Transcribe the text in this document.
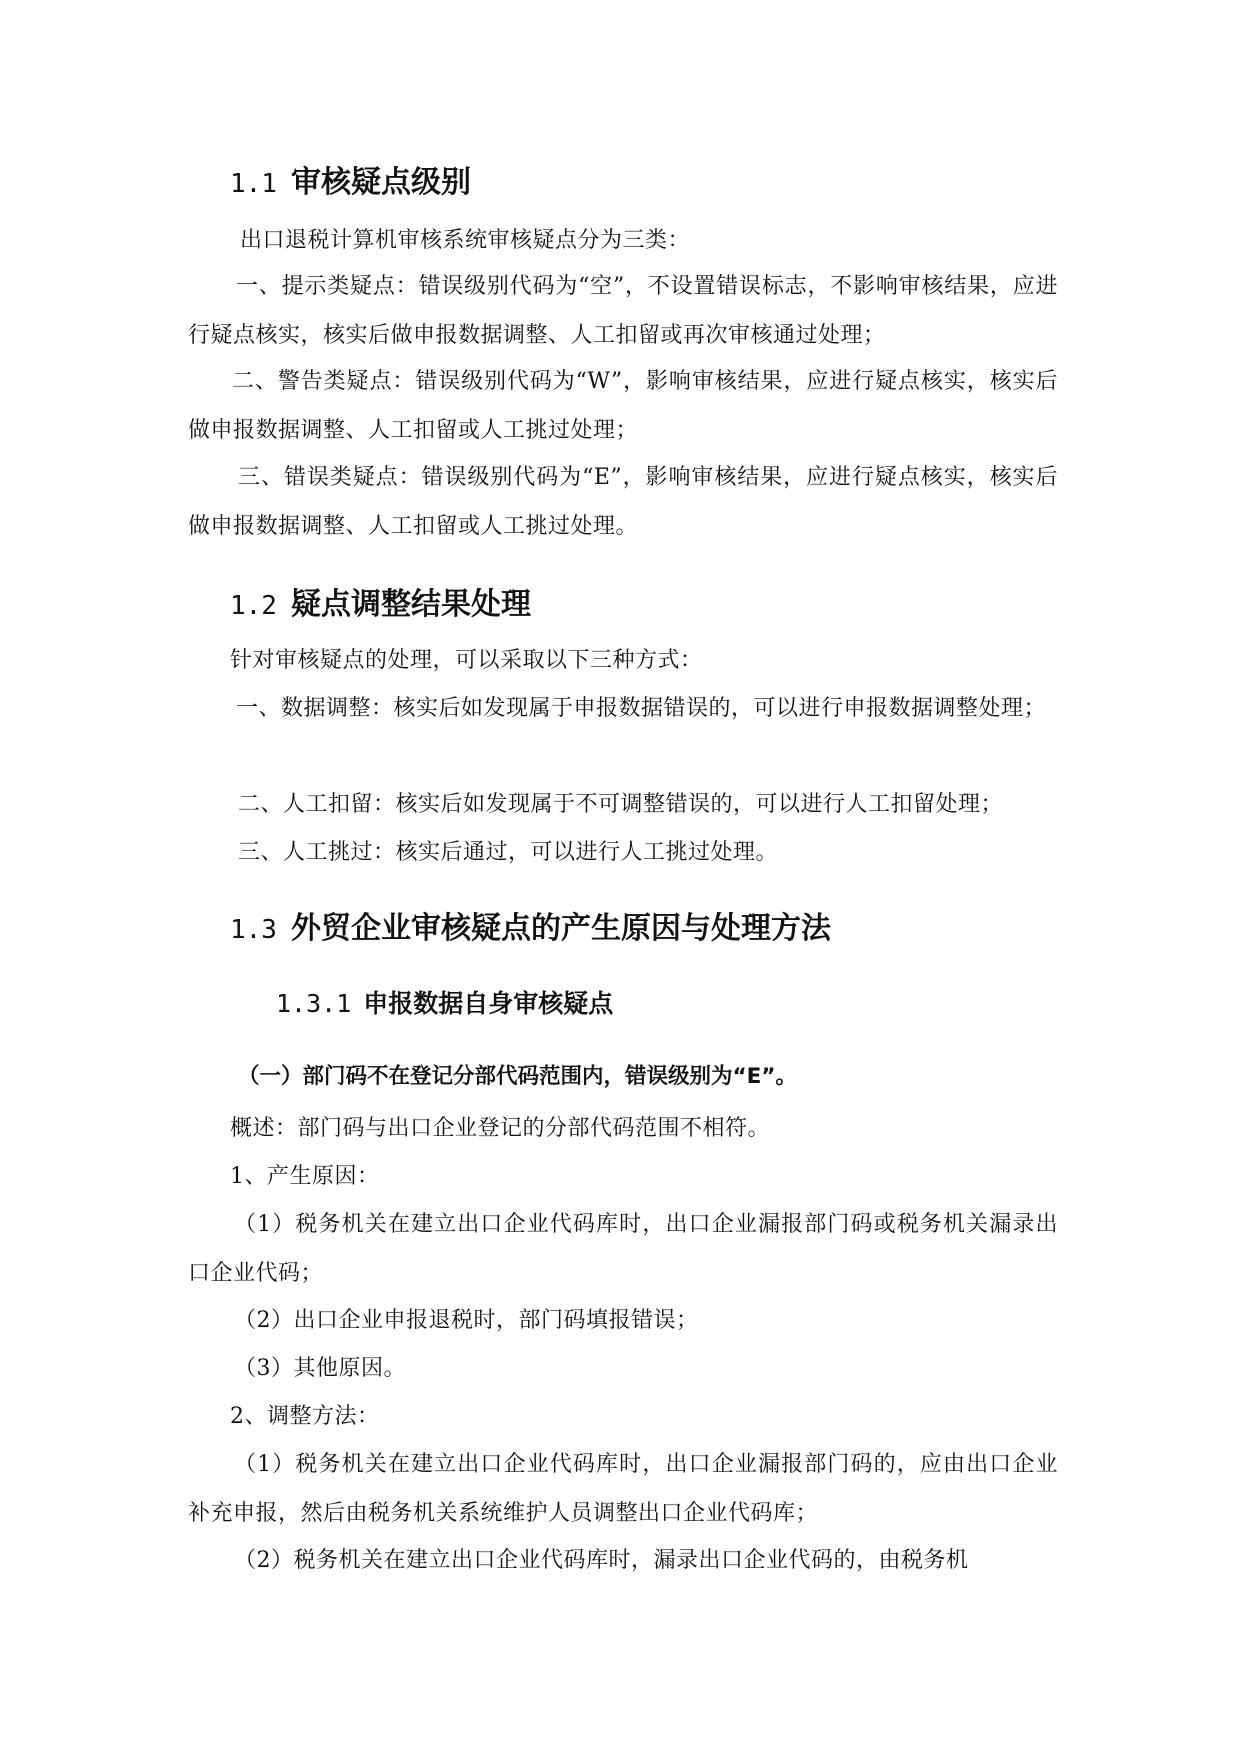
1.1 审核疑点级别

出口退税计算机审核系统审核疑点分为三类：

一、提示类疑点：错误级别代码为“空”，不设置错误标志，不影响审核结果，应进行疑点核实，核实后做申报数据调整、人工扣留或再次审核通过处理；

二、警告类疑点：错误级别代码为“W”，影响审核结果，应进行疑点核实，核实后做申报数据调整、人工扣留或人工挑过处理；

三、错误类疑点：错误级别代码为“E”，影响审核结果，应进行疑点核实，核实后做申报数据调整、人工扣留或人工挑过处理。

1.2 疑点调整结果处理

针对审核疑点的处理，可以采取以下三种方式：

一、数据调整：核实后如发现属于申报数据错误的，可以进行申报数据调整处理；

二、人工扣留：核实后如发现属于不可调整错误的，可以进行人工扣留处理；

三、人工挑过：核实后通过，可以进行人工挑过处理。

1.3 外贸企业审核疑点的产生原因与处理方法
1.3.1 申报数据自身审核疑点

（一）部门码不在登记分部代码范围内，错误级别为“E”。

概述：部门码与出口企业登记的分部代码范围不相符。

1、产生原因：

（1）税务机关在建立出口企业代码库时，出口企业漏报部门码或税务机关漏录出口企业代码；

（2）出口企业申报退税时，部门码填报错误；

（3）其他原因。

2、调整方法：

（1）税务机关在建立出口企业代码库时，出口企业漏报部门码的，应由出口企业补充申报，然后由税务机关系统维护人员调整出口企业代码库；

（2）税务机关在建立出口企业代码库时，漏录出口企业代码的，由税务机
